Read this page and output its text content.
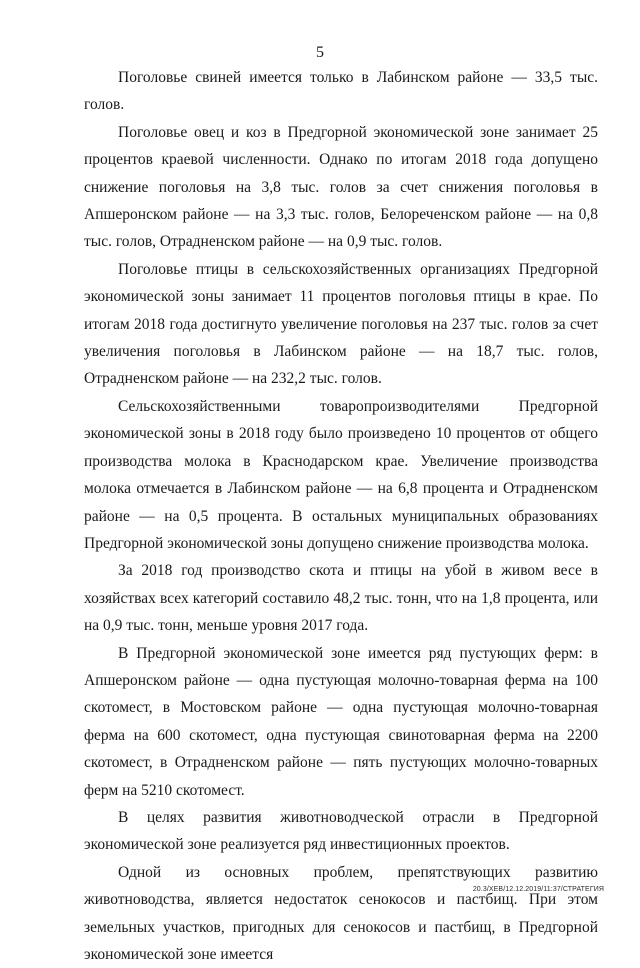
5

Поголовье свиней имеется только в Лабинском районе — 33,5 тыс. голов.

Поголовье овец и коз в Предгорной экономической зоне занимает 25 процентов краевой численности. Однако по итогам 2018 года допущено снижение поголовья на 3,8 тыс. голов за счет снижения поголовья в Апшеронском районе — на 3,3 тыс. голов, Белореченском районе — на 0,8 тыс. голов, Отрадненском районе — на 0,9 тыс. голов.

Поголовье птицы в сельскохозяйственных организациях Предгорной экономической зоны занимает 11 процентов поголовья птицы в крае. По итогам 2018 года достигнуто увеличение поголовья на 237 тыс. голов за счет увеличения поголовья в Лабинском районе — на 18,7 тыс. голов, Отрадненском районе — на 232,2 тыс. голов.

Сельскохозяйственными товаропроизводителями Предгорной экономической зоны в 2018 году было произведено 10 процентов от общего производства молока в Краснодарском крае. Увеличение производства молока отмечается в Лабинском районе — на 6,8 процента и Отрадненском районе — на 0,5 процента. В остальных муниципальных образованиях Предгорной экономической зоны допущено снижение производства молока.

За 2018 год производство скота и птицы на убой в живом весе в хозяйствах всех категорий составило 48,2 тыс. тонн, что на 1,8 процента, или на 0,9 тыс. тонн, меньше уровня 2017 года.

В Предгорной экономической зоне имеется ряд пустующих ферм: в Апшеронском районе — одна пустующая молочно-товарная ферма на 100 скотомест, в Мостовском районе — одна пустующая молочно-товарная ферма на 600 скотомест, одна пустующая свинотоварная ферма на 2200 скотомест, в Отрадненском районе — пять пустующих молочно-товарных ферм на 5210 скотомест.

В целях развития животноводческой отрасли в Предгорной экономической зоне реализуется ряд инвестиционных проектов.

Одной из основных проблем, препятствующих развитию животноводства, является недостаток сенокосов и пастбищ. При этом земельных участков, пригодных для сенокосов и пастбищ, в Предгорной экономической зоне имеется

20.3/ХЕВ/12.12.2019/11:37/СТРАТЕГИЯ
